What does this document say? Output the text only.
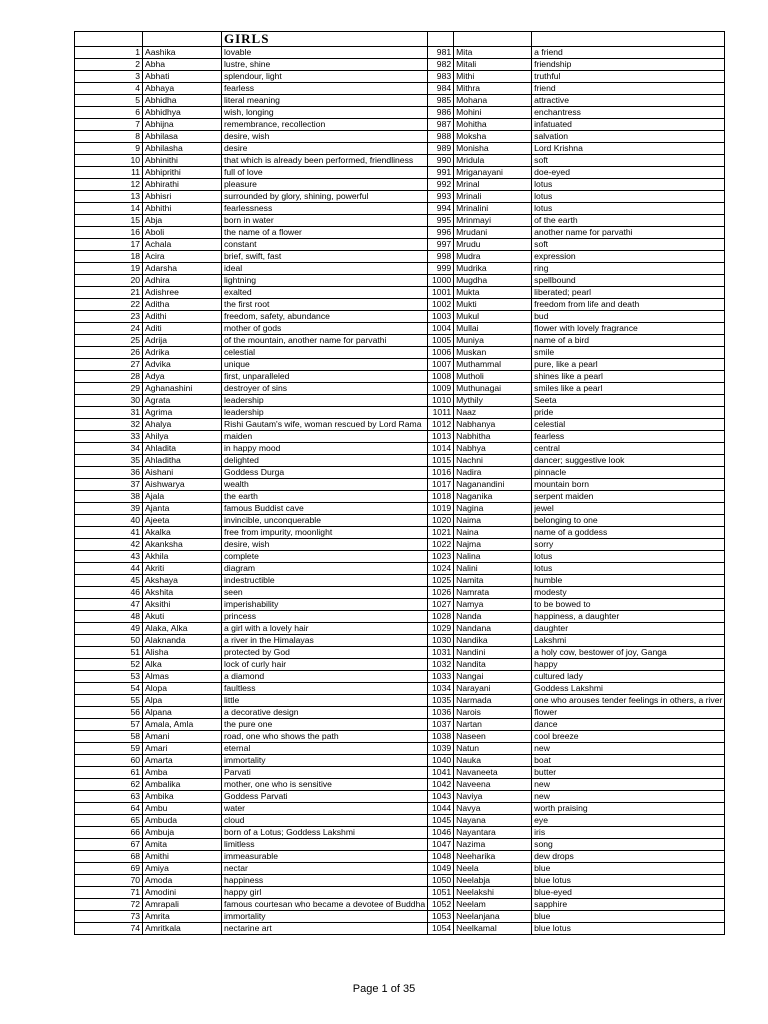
		GIRLS			
1	Aashika	lovable	981	Mita	a friend
2	Abha	lustre, shine	982	Mitali	friendship
3	Abhati	splendour, light	983	Mithi	truthful
4	Abhaya	fearless	984	Mithra	friend
5	Abhidha	literal meaning	985	Mohana	attractive
6	Abhidhya	wish, longing	986	Mohini	enchantress
7	Abhijna	remembrance, recollection	987	Mohitha	infatuated
8	Abhilasa	desire, wish	988	Moksha	salvation
9	Abhilasha	desire	989	Monisha	Lord Krishna
10	Abhinithi	that which is already been performed, friendliness	990	Mridula	soft
11	Abhiprithi	full of love	991	Mriganayani	doe-eyed
12	Abhirathi	pleasure	992	Mrinal	lotus
13	Abhisri	surrounded by glory, shining, powerful	993	Mrinali	lotus
14	Abhithi	fearlessness	994	Mrinalini	lotus
15	Abja	born in water	995	Mrinmayi	of the earth
16	Aboli	the name of a flower	996	Mrudani	another name for parvathi
17	Achala	constant	997	Mrudu	soft
18	Acira	brief, swift, fast	998	Mudra	expression
19	Adarsha	ideal	999	Mudrika	ring
20	Adhira	lightning	1000	Mugdha	spellbound
21	Adishree	exalted	1001	Mukta	liberated; pearl
22	Aditha	the first root	1002	Mukti	freedom from life and death
23	Adithi	freedom, safety, abundance	1003	Mukul	bud
24	Aditi	mother of gods	1004	Mullai	flower with lovely fragrance
25	Adrija	of the mountain, another name for parvathi	1005	Muniya	name of a bird
26	Adrika	celestial	1006	Muskan	smile
27	Advika	unique	1007	Muthammal	pure, like a pearl
28	Adya	first, unparalleled	1008	Mutholi	shines like a pearl
29	Aghanashini	destroyer of sins	1009	Muthunagai	smiles like a pearl
30	Agrata	leadership	1010	Mythily	Seeta
31	Agrima	leadership	1011	Naaz	pride
32	Ahalya	Rishi Gautam's wife, woman rescued by Lord Rama	1012	Nabhanya	celestial
33	Ahilya	maiden	1013	Nabhitha	fearless
34	Ahladita	in happy mood	1014	Nabhya	central
35	Ahladitha	delighted	1015	Nachni	dancer; suggestive look
36	Aishani	Goddess Durga	1016	Nadira	pinnacle
37	Aishwarya	wealth	1017	Naganandini	mountain born
38	Ajala	the earth	1018	Naganika	serpent maiden
39	Ajanta	famous Buddist cave	1019	Nagina	jewel
40	Ajeeta	invincible, unconquerable	1020	Naima	belonging to one
41	Akalka	free from impurity, moonlight	1021	Naina	name of a goddess
42	Akanksha	desire, wish	1022	Najma	sorry
43	Akhila	complete	1023	Nalina	lotus
44	Akriti	diagram	1024	Nalini	lotus
45	Akshaya	indestructible	1025	Namita	humble
46	Akshita	seen	1026	Namrata	modesty
47	Aksithi	imperishability	1027	Namya	to be bowed to
48	Akuti	princess	1028	Nanda	happiness, a daughter
49	Alaka, Alka	a girl with a lovely hair	1029	Nandana	daughter
50	Alaknanda	a river in the Himalayas	1030	Nandika	Lakshmi
51	Alisha	protected by God	1031	Nandini	a holy cow, bestower of joy, Ganga
52	Alka	lock of curly hair	1032	Nandita	happy
53	Almas	a diamond	1033	Nangai	cultured lady
54	Alopa	faultless	1034	Narayani	Goddess Lakshmi
55	Alpa	little	1035	Narmada	one who arouses tender feelings in others, a river
56	Alpana	a decorative design	1036	Narois	flower
57	Amala, Amla	the pure one	1037	Nartan	dance
58	Amani	road, one who shows the path	1038	Naseen	cool breeze
59	Amari	eternal	1039	Natun	new
60	Amarta	immortality	1040	Nauka	boat
61	Amba	Parvati	1041	Navaneeta	butter
62	Ambalika	mother, one who is sensitive	1042	Naveena	new
63	Ambika	Goddess Parvati	1043	Naviya	new
64	Ambu	water	1044	Navya	worth praising
65	Ambuda	cloud	1045	Nayana	eye
66	Ambuja	born of a Lotus; Goddess Lakshmi	1046	Nayantara	iris
67	Amita	limitless	1047	Nazima	song
68	Amithi	immeasurable	1048	Neeharika	dew drops
69	Amiya	nectar	1049	Neela	blue
70	Amoda	happiness	1050	Neelabja	blue lotus
71	Amodini	happy girl	1051	Neelakshi	blue-eyed
72	Amrapali	famous courtesan who became a devotee of Buddha	1052	Neelam	sapphire
73	Amrita	immortality	1053	Neelanjana	blue
74	Amritkala	nectarine art	1054	Neelkamal	blue lotus
Page 1 of 35
